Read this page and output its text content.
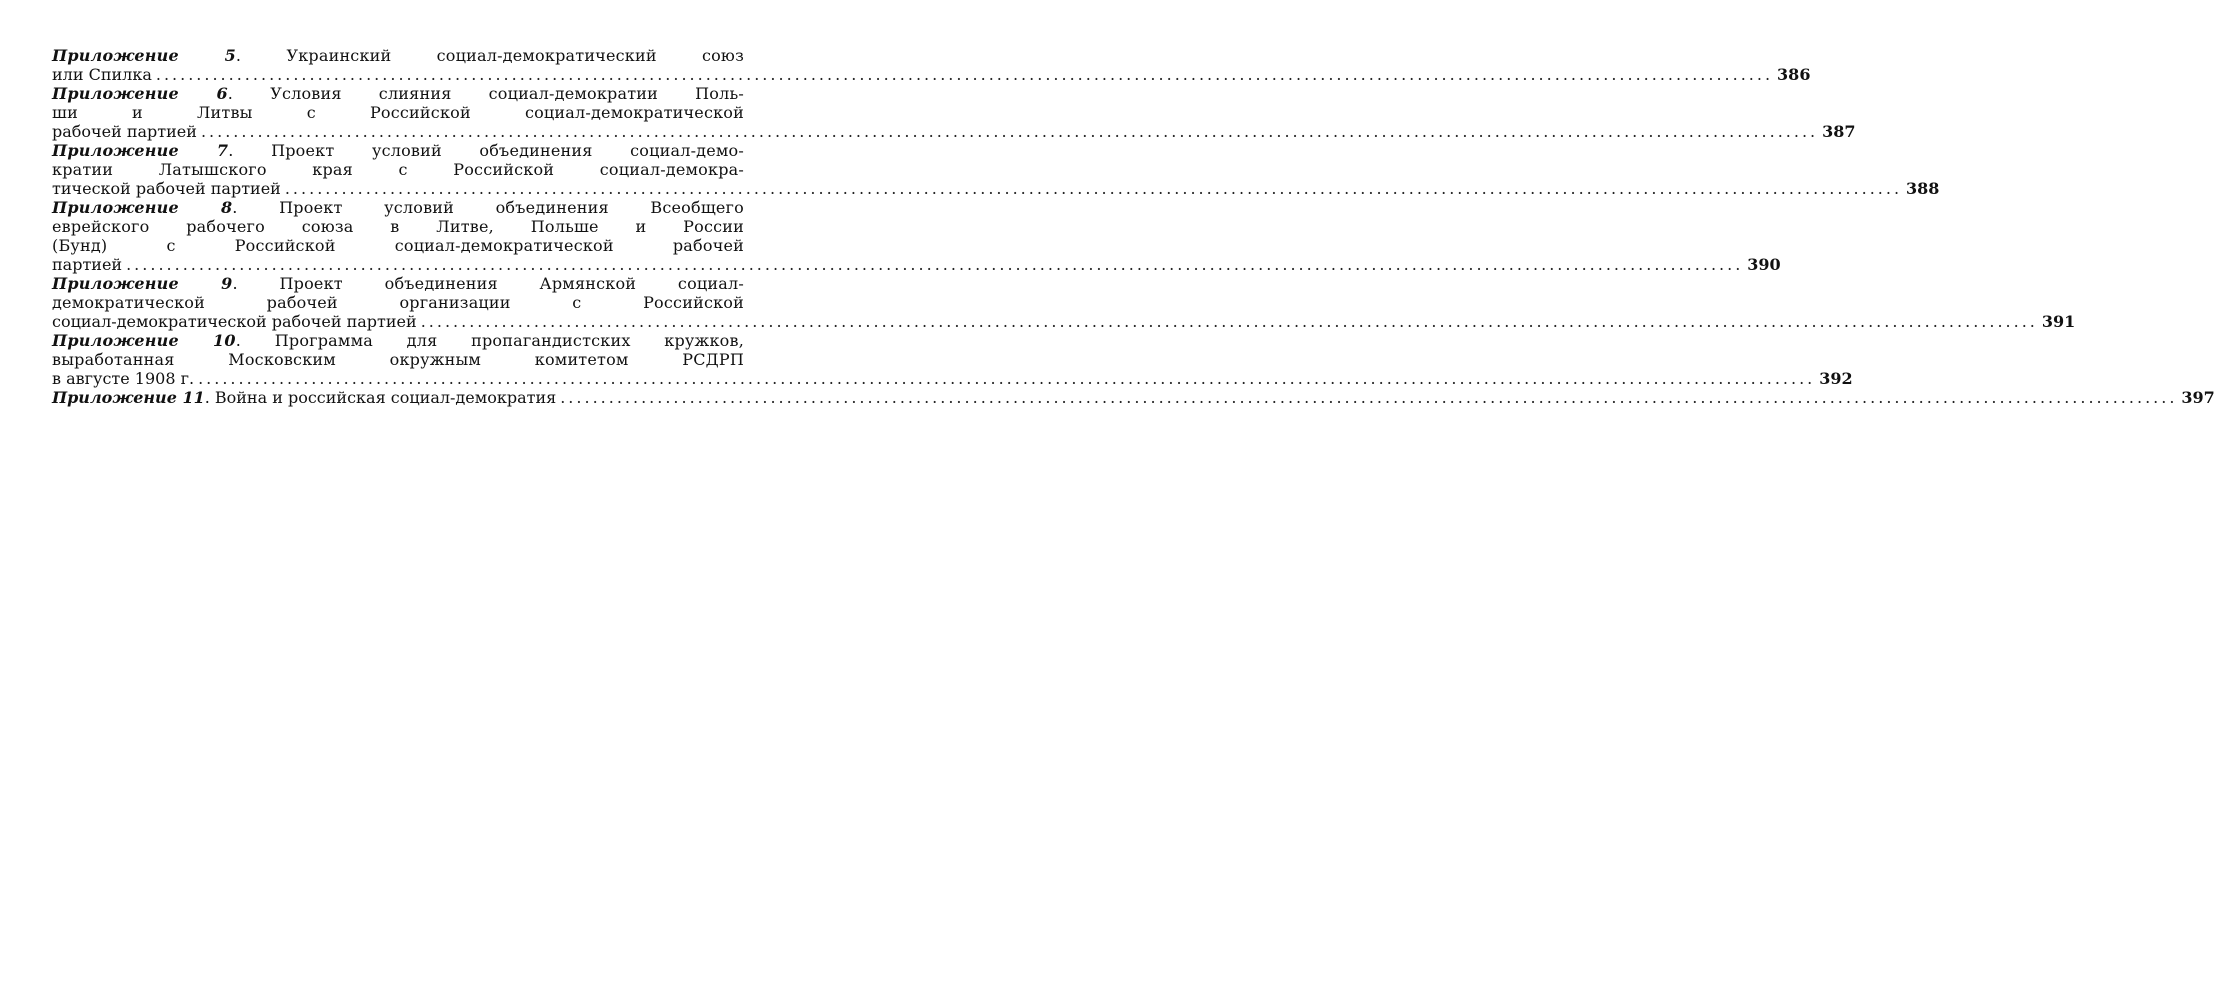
Приложение 5. Украинский социал-демократический союз
или Спилка ........................................................................................................................................................................................................ 386
Приложение 6. Условия слияния социал-демократии Поль-
ши и Литвы с Российской социал-демократической
рабочей партией ........................................................................................................................................................................................................ 387
Приложение 7. Проект условий объединения социал-демо-
кратии Латышского края с Российской социал-демокра-
тической рабочей партией ........................................................................................................................................................................................................ 388
Приложение 8. Проект условий объединения Всеобщего
еврейского рабочего союза в Литве, Польше и России
(Бунд) с Российской социал-демократической рабочей
партией ........................................................................................................................................................................................................ 390
Приложение 9. Проект объединения Армянской социал-
демократической рабочей организации с Российской
социал-демократической рабочей партией ........................................................................................................................................................................................................ 391
Приложение 10. Программа для пропагандистских кружков,
выработанная Московским окружным комитетом РСДРП
в августе 1908 г. ........................................................................................................................................................................................................ 392
Приложение 11. Война и российская социал-демократия ........................................................................................................................................................................................................ 397
